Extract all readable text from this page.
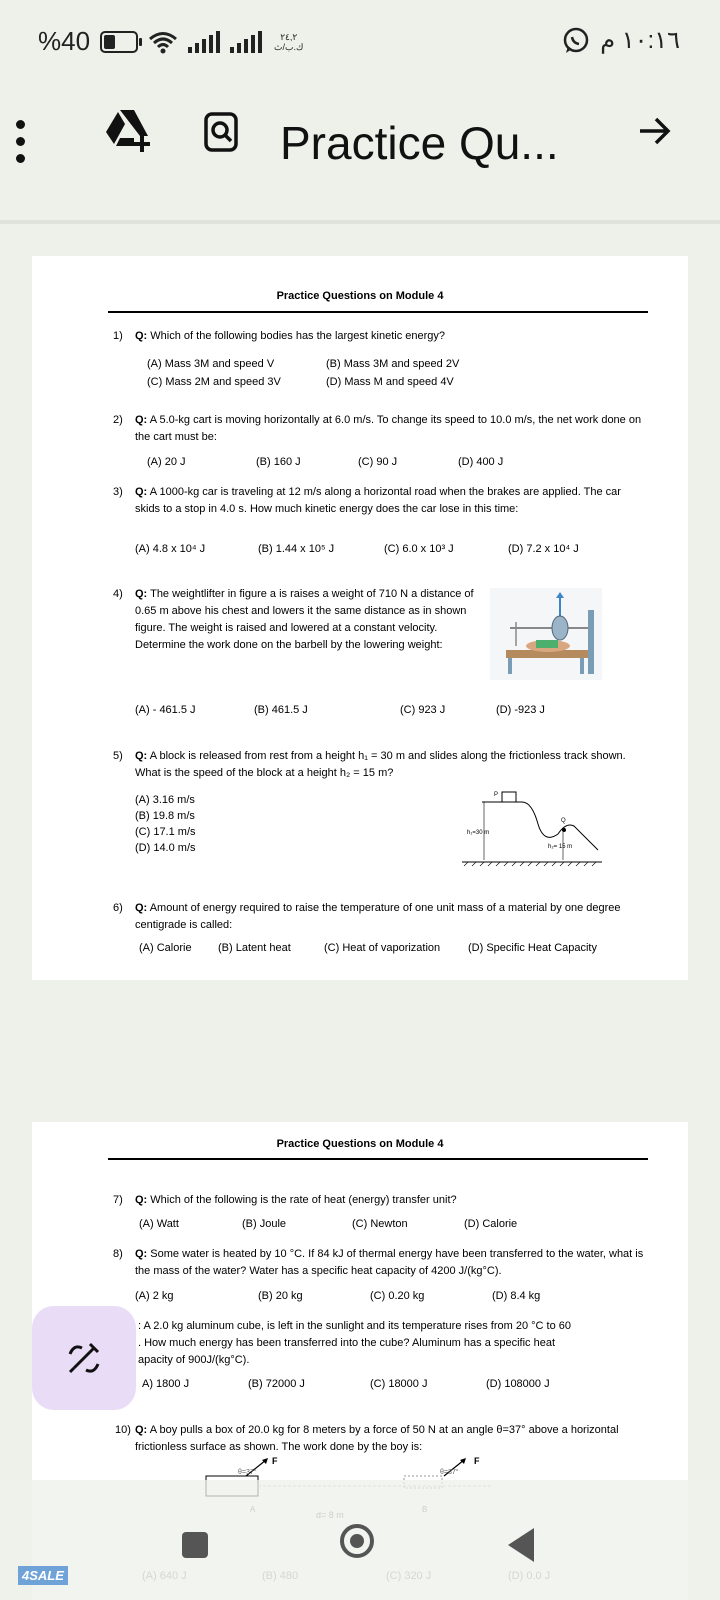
%40	٢٤,٢
ك.ب/ث	١٠:١٦ م
Practice Qu...
Practice Questions on Module 4
1) Q: Which of the following bodies has the largest kinetic energy?
(A) Mass 3M and speed V	(B) Mass 3M and speed 2V
(C) Mass 2M and speed 3V	(D) Mass M and speed 4V
2) Q: A 5.0-kg cart is moving horizontally at 6.0 m/s. To change its speed to 10.0 m/s, the net work done on the cart must be:
(A) 20 J	(B) 160 J	(C) 90 J	(D) 400 J
3) Q: A 1000-kg car is traveling at 12 m/s along a horizontal road when the brakes are applied. The car skids to a stop in 4.0 s. How much kinetic energy does the car lose in this time:
(A) 4.8 x 10⁴ J	(B) 1.44 x 10⁵ J	(C) 6.0 x 10³ J	(D) 7.2 x 10⁴ J
4) Q: The weightlifter in figure a is raises a weight of 710 N a distance of 0.65 m above his chest and lowers it the same distance as in shown figure. The weight is raised and lowered at a constant velocity. Determine the work done on the barbell by the lowering weight:
(A) - 461.5 J	(B) 461.5 J	(C) 923 J	(D) -923 J
5) Q: A block is released from rest from a height h₁ = 30 m and slides along the frictionless track shown. What is the speed of the block at a height h₂ = 15 m?
(A) 3.16 m/s
(B) 19.8 m/s
(C) 17.1 m/s
(D) 14.0 m/s
P
h₁=30 m
Q
h₂= 15 m
6) Q: Amount of energy required to raise the temperature of one unit mass of a material by one degree centigrade is called:
(A) Calorie (B) Latent heat	(C) Heat of vaporization	(D) Specific Heat Capacity
Practice Questions on Module 4
7) Q: Which of the following is the rate of heat (energy) transfer unit?
(A) Watt	(B) Joule	(C) Newton	(D) Calorie
8) Q: Some water is heated by 10 °C. If 84 kJ of thermal energy have been transferred to the water, what is the mass of the water? Water has a specific heat capacity of 4200 J/(kg°C).
(A) 2 kg	(B) 20 kg	(C) 0.20 kg	(D) 8.4 kg
: A 2.0 kg aluminum cube, is left in the sunlight and its temperature rises from 20 °C to 60
. How much energy has been transferred into the cube? Aluminum has a specific heat
apacity of 900J/(kg°C).
A) 1800 J	(B) 72000 J	(C) 18000 J	(D) 108000 J
10) Q: A boy pulls a box of 20.0 kg for 8 meters by a force of 50 N at an angle θ=37° above a horizontal frictionless surface as shown. The work done by the boy is:
F	F
θ=37°	θ=37°
4SALE
